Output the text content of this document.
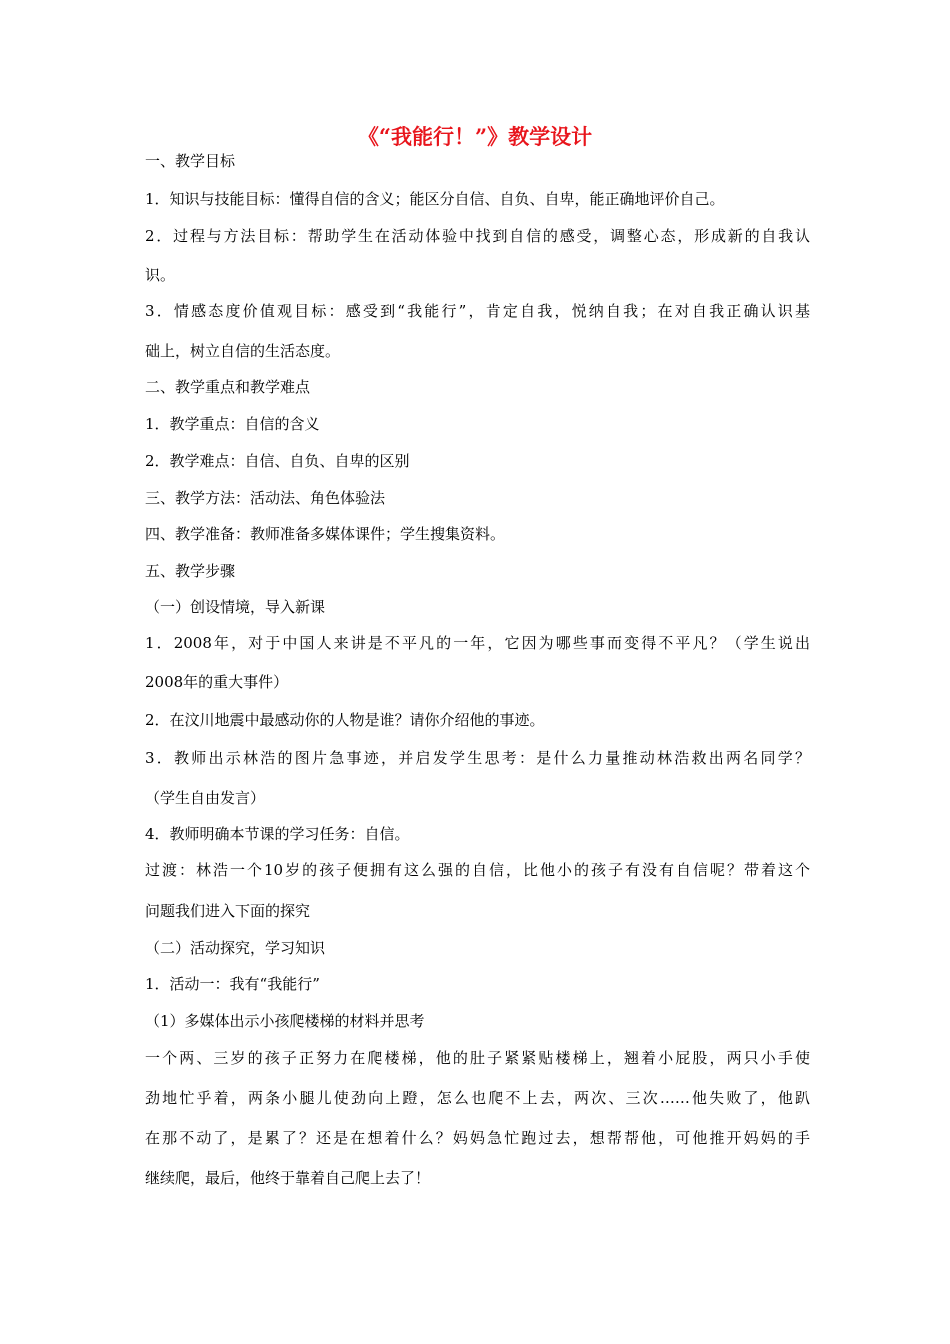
《“我能行！”》教学设计
一、教学目标
1．知识与技能目标：懂得自信的含义；能区分自信、自负、自卑，能正确地评价自己。
2．过程与方法目标：帮助学生在活动体验中找到自信的感受，调整心态，形成新的自我认
识。
3．情感态度价值观目标：感受到“我能行”，肯定自我，悦纳自我；在对自我正确认识基
础上，树立自信的生活态度。
二、教学重点和教学难点
1．教学重点：自信的含义
2．教学难点：自信、自负、自卑的区别
三、教学方法：活动法、角色体验法
四、教学准备：教师准备多媒体课件；学生搜集资料。
五、教学步骤
（一）创设情境，导入新课
1．2008年，对于中国人来讲是不平凡的一年，它因为哪些事而变得不平凡？（学生说出
2008年的重大事件）
2．在汶川地震中最感动你的人物是谁？请你介绍他的事迹。
3．教师出示林浩的图片急事迹，并启发学生思考：是什么力量推动林浩救出两名同学？
（学生自由发言）
4．教师明确本节课的学习任务：自信。
过渡：林浩一个10岁的孩子便拥有这么强的自信，比他小的孩子有没有自信呢？带着这个
问题我们进入下面的探究
（二）活动探究，学习知识
1．活动一：我有“我能行”
（1）多媒体出示小孩爬楼梯的材料并思考
一个两、三岁的孩子正努力在爬楼梯，他的肚子紧紧贴楼梯上，翘着小屁股，两只小手使
劲地忙乎着，两条小腿儿使劲向上蹬，怎么也爬不上去，两次、三次……他失败了，他趴
在那不动了，是累了？还是在想着什么？妈妈急忙跑过去，想帮帮他，可他推开妈妈的手
继续爬，最后，他终于靠着自己爬上去了！
